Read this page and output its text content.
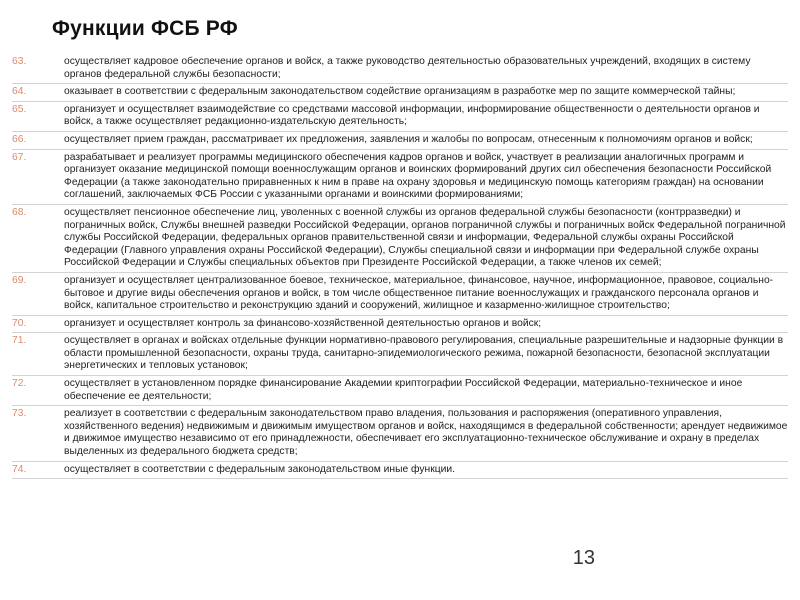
Функции ФСБ РФ
63.	осуществляет кадровое обеспечение органов и войск, а также руководство деятельностью образовательных учреждений, входящих в систему органов федеральной службы безопасности;
64.	оказывает в соответствии с федеральным законодательством содействие организациям в разработке мер по защите коммерческой тайны;
65.	организует и осуществляет взаимодействие со средствами массовой информации, информирование общественности о деятельности органов и войск, а также осуществляет редакционно-издательскую деятельность;
66.	осуществляет прием граждан, рассматривает их предложения, заявления и жалобы по вопросам, отнесенным к полномочиям органов и войск;
67.	разрабатывает и реализует программы медицинского обеспечения кадров органов и войск, участвует в реализации аналогичных программ и организует оказание медицинской помощи военнослужащим органов и воинских формирований других сил обеспечения безопасности Российской Федерации (а также законодательно приравненных к ним в праве на охрану здоровья и медицинскую помощь категориям граждан) на основании соглашений, заключаемых ФСБ России с указанными органами и воинскими формированиями;
68.	осуществляет пенсионное обеспечение лиц, уволенных с военной службы из органов федеральной службы безопасности (контрразведки) и пограничных войск, Службы внешней разведки Российской Федерации, органов пограничной службы и пограничных войск Федеральной пограничной службы Российской Федерации, федеральных органов правительственной связи и информации, Федеральной службы охраны Российской Федерации (Главного управления охраны Российской Федерации), Службы специальной связи и информации при Федеральной службе охраны Российской Федерации и Службы специальных объектов при Президенте Российской Федерации, а также членов их семей;
69.	организует и осуществляет централизованное боевое, техническое, материальное, финансовое, научное, информационное, правовое, социально-бытовое и другие виды обеспечения органов и войск, в том числе общественное питание военнослужащих и гражданского персонала органов и войск, капитальное строительство и реконструкцию зданий и сооружений, жилищное и казарменно-жилищное строительство;
70.	организует и осуществляет контроль за финансово-хозяйственной деятельностью органов и войск;
71.	осуществляет в органах и войсках отдельные функции нормативно-правового регулирования, специальные разрешительные и надзорные функции в области промышленной безопасности, охраны труда, санитарно-эпидемиологического режима, пожарной безопасности, безопасной эксплуатации энергетических и тепловых установок;
72.	осуществляет в установленном порядке финансирование Академии криптографии Российской Федерации, материально-техническое и иное обеспечение ее деятельности;
73.	реализует в соответствии с федеральным законодательством право владения, пользования и распоряжения (оперативного управления, хозяйственного ведения) недвижимым и движимым имуществом органов и войск, находящимся в федеральной собственности; арендует недвижимое и движимое имущество независимо от его принадлежности, обеспечивает его эксплуатационно-техническое обслуживание и охрану в пределах выделенных из федерального бюджета средств;
74.	осуществляет в соответствии с федеральным законодательством иные функции.
13
